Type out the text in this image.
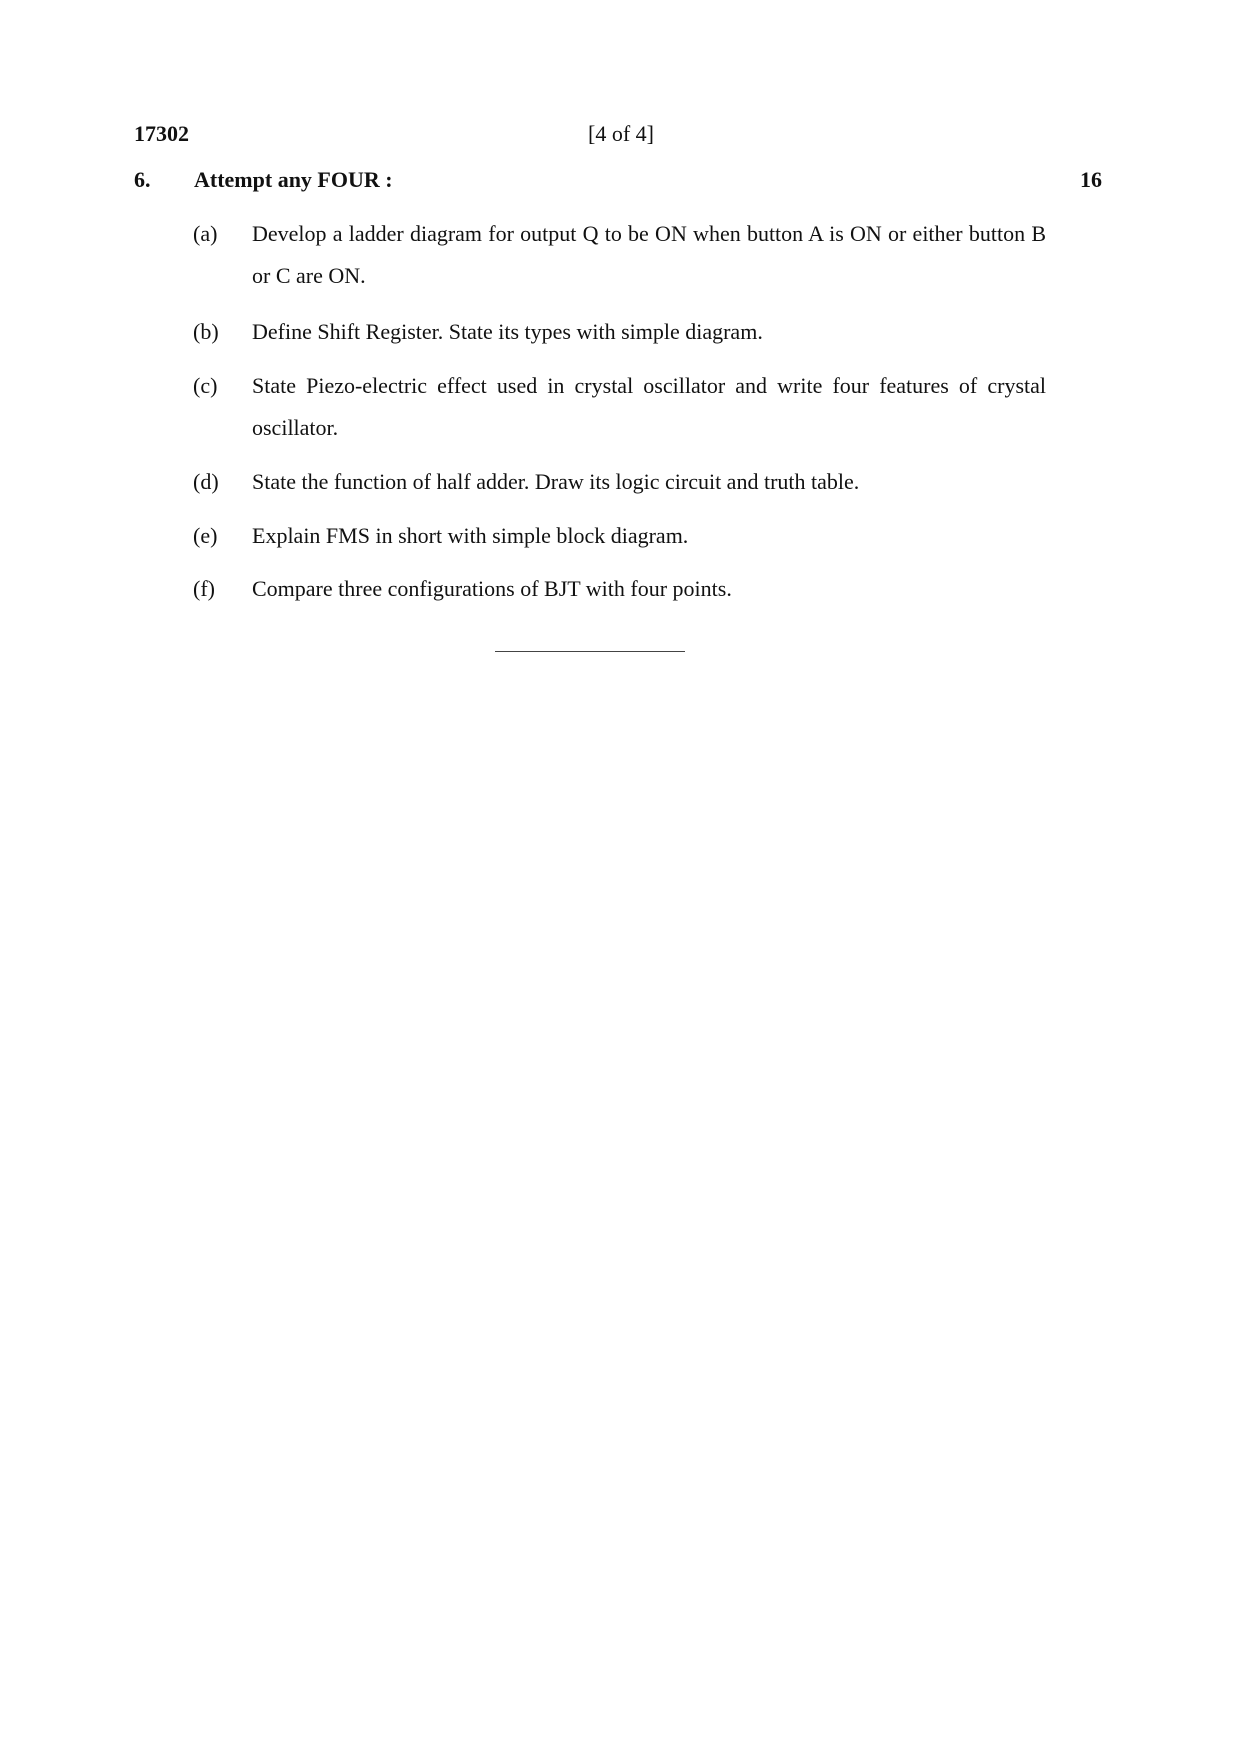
17302	[4 of 4]
6. Attempt any FOUR :	16
(a) Develop a ladder diagram for output Q to be ON when button A is ON or either button B or C are ON.
(b) Define Shift Register. State its types with simple diagram.
(c) State Piezo-electric effect used in crystal oscillator and write four features of crystal oscillator.
(d) State the function of half adder. Draw its logic circuit and truth table.
(e) Explain FMS in short with simple block diagram.
(f) Compare three configurations of BJT with four points.
